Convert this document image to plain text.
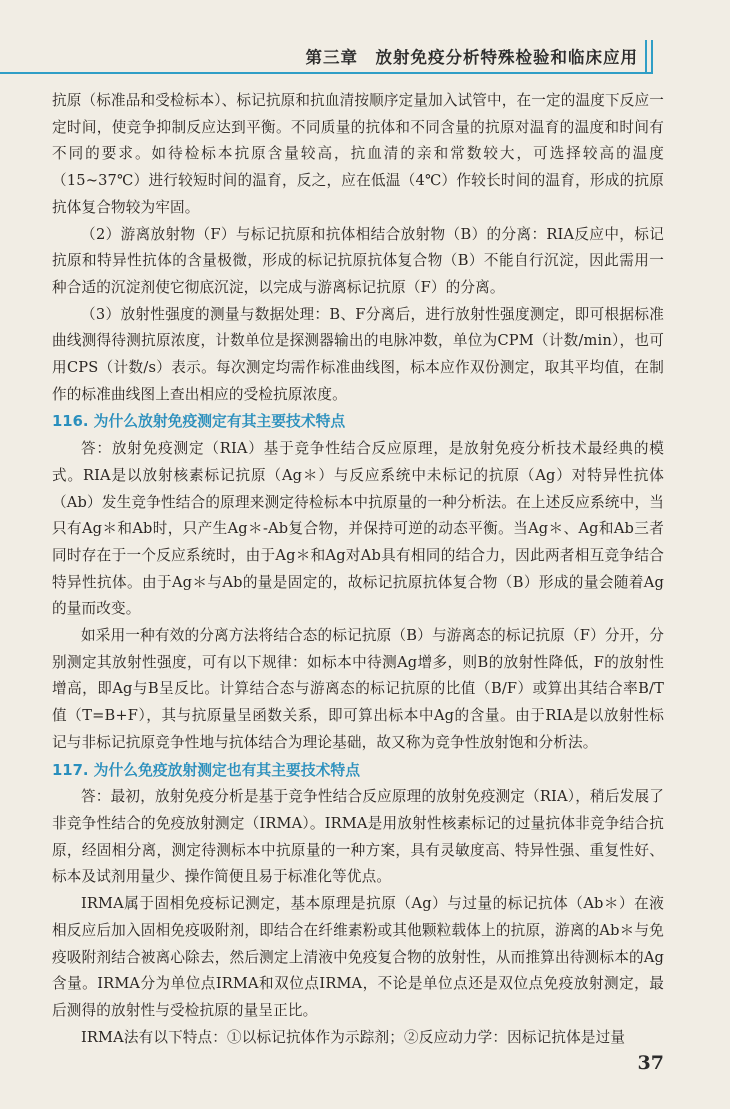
第三章　放射免疫分析特殊检验和临床应用

抗原（标准品和受检标本）、标记抗原和抗血清按顺序定量加入试管中，在一定的温度下反应一定时间，使竞争抑制反应达到平衡。不同质量的抗体和不同含量的抗原对温育的温度和时间有不同的要求。如待检标本抗原含量较高，抗血清的亲和常数较大，可选择较高的温度（15~37℃）进行较短时间的温育，反之，应在低温（4℃）作较长时间的温育，形成的抗原抗体复合物较为牢固。

（2）游离放射物（F）与标记抗原和抗体相结合放射物（B）的分离：RIA反应中，标记抗原和特异性抗体的含量极微，形成的标记抗原抗体复合物（B）不能自行沉淀，因此需用一种合适的沉淀剂使它彻底沉淀，以完成与游离标记抗原（F）的分离。

（3）放射性强度的测量与数据处理：B、F分离后，进行放射性强度测定，即可根据标准曲线测得待测抗原浓度，计数单位是探测器输出的电脉冲数，单位为CPM（计数/min），也可用CPS（计数/s）表示。每次测定均需作标准曲线图，标本应作双份测定，取其平均值，在制作的标准曲线图上查出相应的受检抗原浓度。

116. 为什么放射免疫测定有其主要技术特点

答：放射免疫测定（RIA）基于竞争性结合反应原理，是放射免疫分析技术最经典的模式。RIA是以放射核素标记抗原（Ag＊）与反应系统中未标记的抗原（Ag）对特异性抗体（Ab）发生竞争性结合的原理来测定待检标本中抗原量的一种分析法。在上述反应系统中，当只有Ag＊和Ab时，只产生Ag＊-Ab复合物，并保持可逆的动态平衡。当Ag＊、Ag和Ab三者同时存在于一个反应系统时，由于Ag＊和Ag对Ab具有相同的结合力，因此两者相互竞争结合特异性抗体。由于Ag＊与Ab的量是固定的，故标记抗原抗体复合物（B）形成的量会随着Ag的量而改变。

如采用一种有效的分离方法将结合态的标记抗原（B）与游离态的标记抗原（F）分开，分别测定其放射性强度，可有以下规律：如标本中待测Ag增多，则B的放射性降低，F的放射性增高，即Ag与B呈反比。计算结合态与游离态的标记抗原的比值（B/F）或算出其结合率B/T值（T=B+F），其与抗原量呈函数关系，即可算出标本中Ag的含量。由于RIA是以放射性标记与非标记抗原竞争性地与抗体结合为理论基础，故又称为竞争性放射饱和分析法。

117. 为什么免疫放射测定也有其主要技术特点

答：最初，放射免疫分析是基于竞争性结合反应原理的放射免疫测定（RIA），稍后发展了非竞争性结合的免疫放射测定（IRMA）。IRMA是用放射性核素标记的过量抗体非竞争结合抗原，经固相分离，测定待测标本中抗原量的一种方案，具有灵敏度高、特异性强、重复性好、标本及试剂用量少、操作简便且易于标准化等优点。

IRMA属于固相免疫标记测定，基本原理是抗原（Ag）与过量的标记抗体（Ab＊）在液相反应后加入固相免疫吸附剂，即结合在纤维素粉或其他颗粒载体上的抗原，游离的Ab＊与免疫吸附剂结合被离心除去，然后测定上清液中免疫复合物的放射性，从而推算出待测标本的Ag含量。IRMA分为单位点IRMA和双位点IRMA，不论是单位点还是双位点免疫放射测定，最后测得的放射性与受检抗原的量呈正比。

IRMA法有以下特点：①以标记抗体作为示踪剂；②反应动力学：因标记抗体是过量

37
